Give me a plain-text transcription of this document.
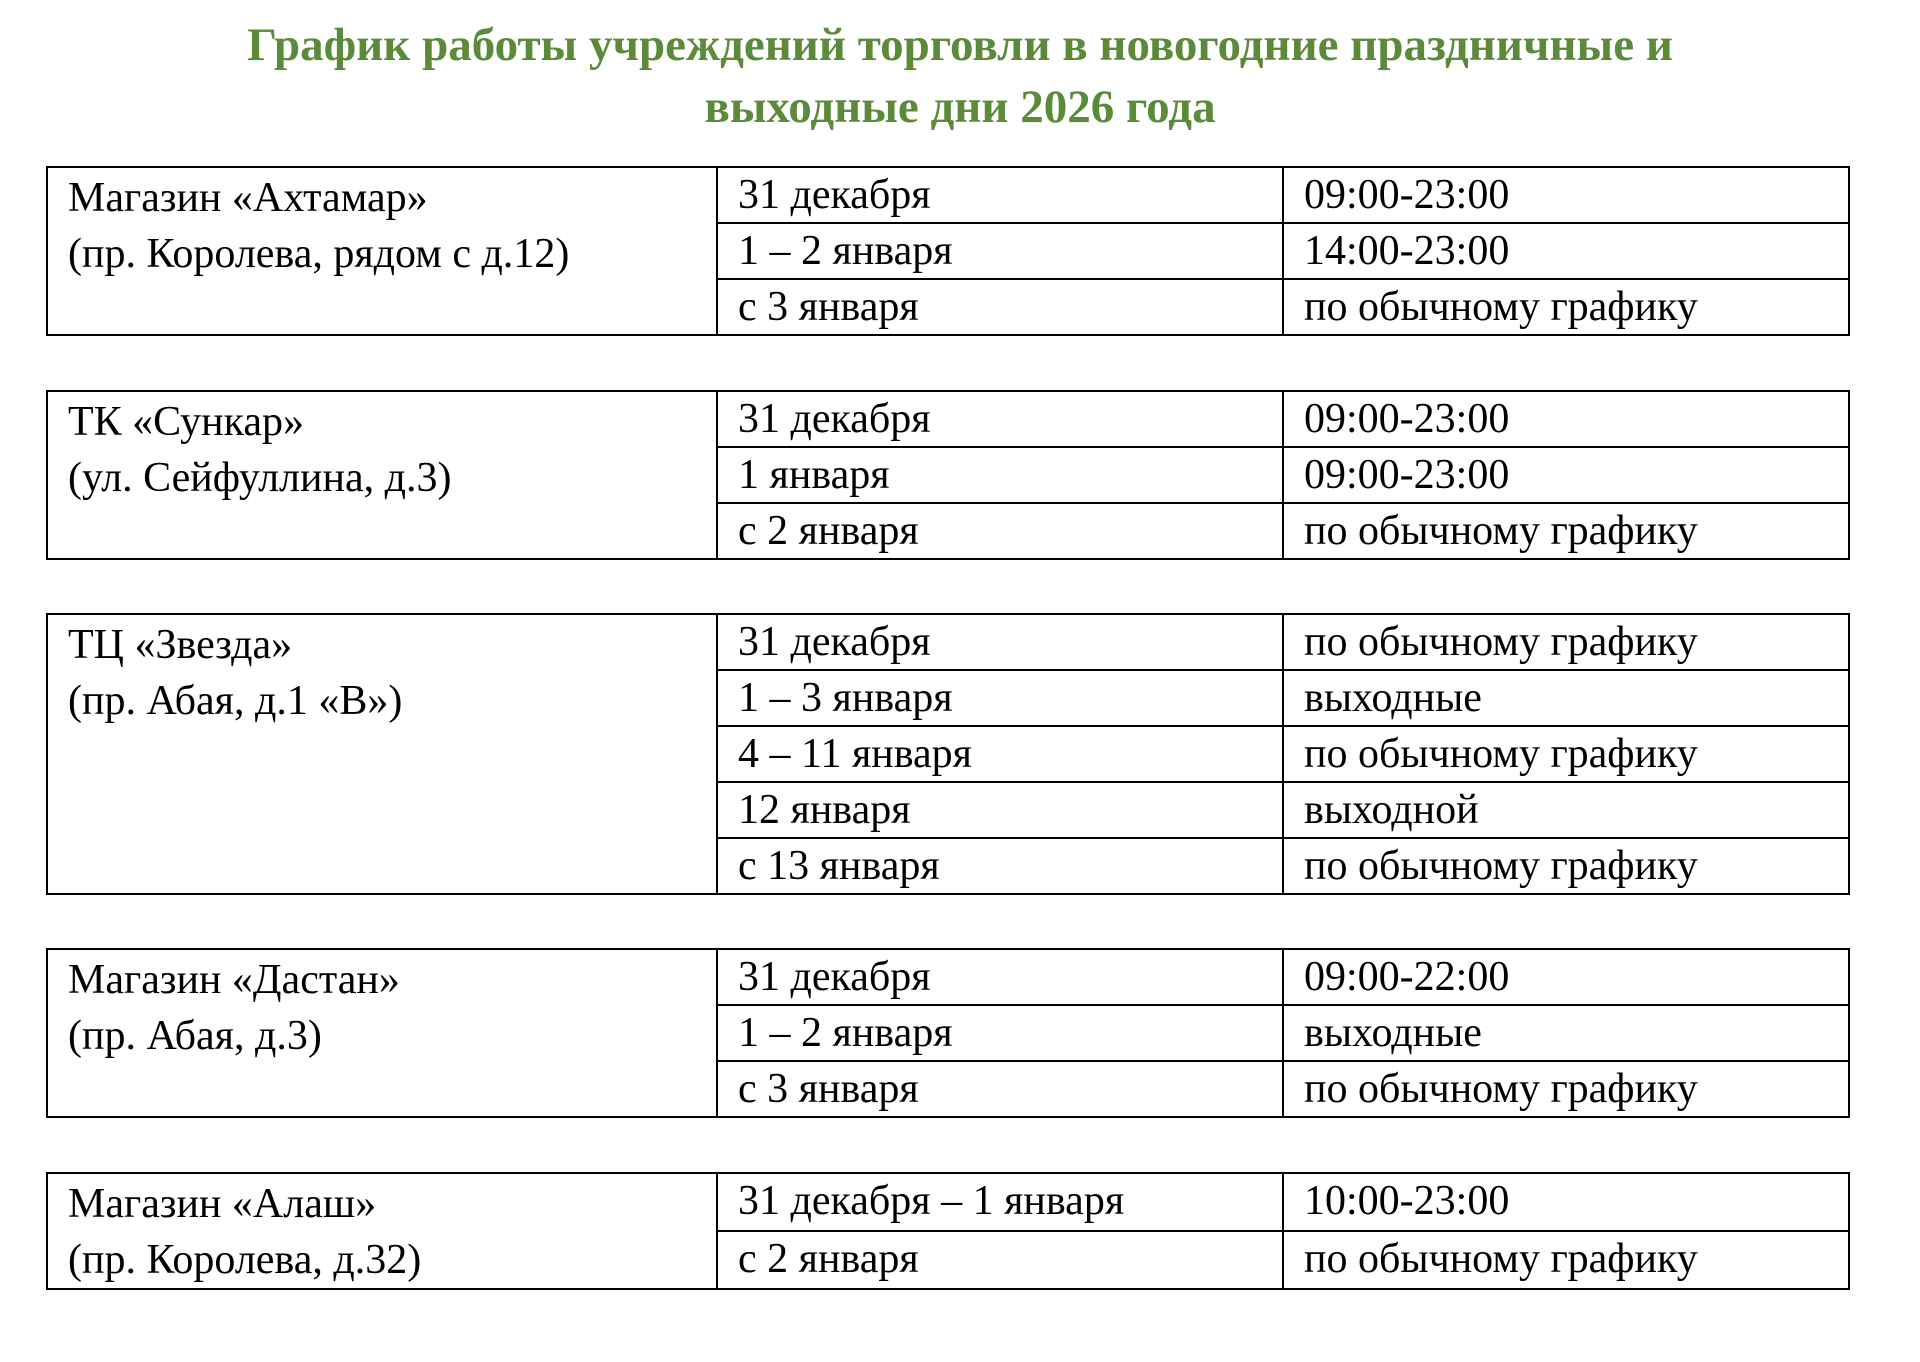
График работы учреждений торговли в новогодние праздничные и
выходные дни 2026 года
Магазин «Ахтамар»
(пр. Королева, рядом с д.12)	31 декабря	09:00-23:00
	1 – 2 января	14:00-23:00
	с 3 января	по обычному графику
ТК «Сункар»
(ул. Сейфуллина, д.3)	31 декабря	09:00-23:00
	1 января	09:00-23:00
	с 2 января	по обычному графику
ТЦ «Звезда»
(пр. Абая, д.1 «В»)	31 декабря	по обычному графику
	1 – 3 января	выходные
	4 – 11 января	по обычному графику
	12 января	выходной
	с 13 января	по обычному графику
Магазин «Дастан»
(пр. Абая, д.3)	31 декабря	09:00-22:00
	1 – 2 января	выходные
	с 3 января	по обычному графику
Магазин «Алаш»
(пр. Королева, д.32)	31 декабря – 1 января	10:00-23:00
	с 2 января	по обычному графику
